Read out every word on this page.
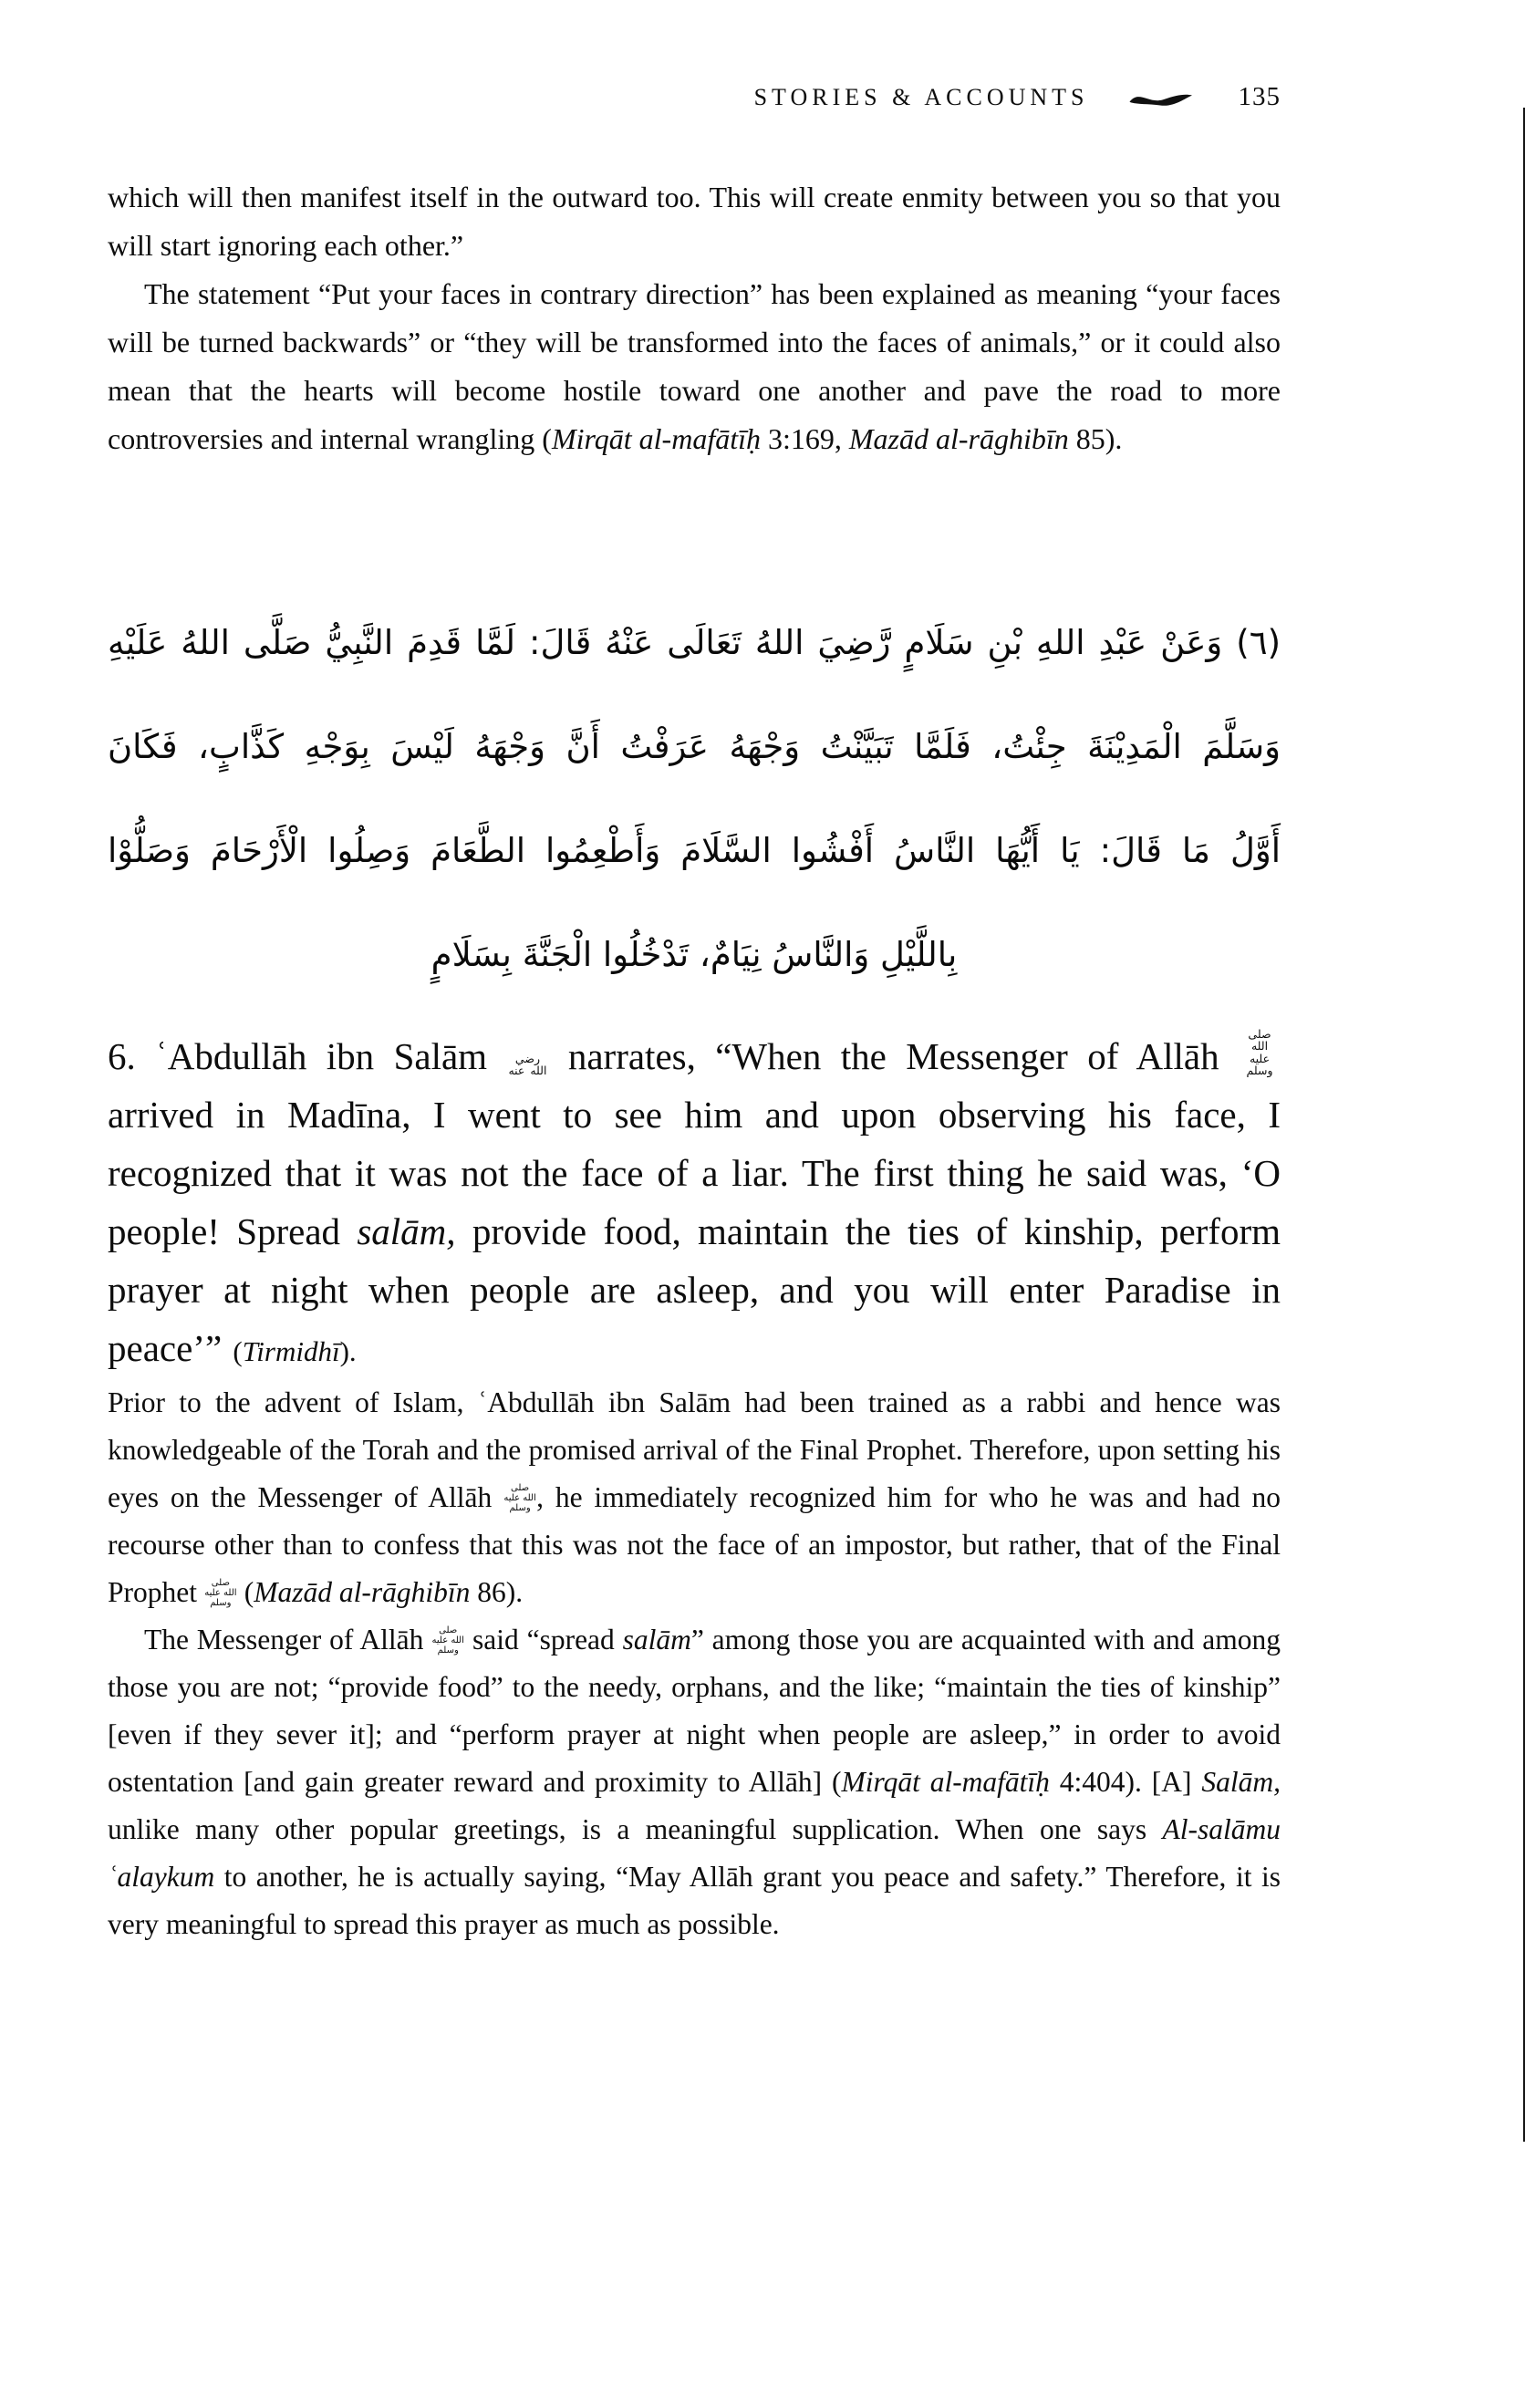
STORIES & ACCOUNTS	135

which will then manifest itself in the outward too. This will create enmity between you so that you will start ignoring each other.”

The statement “Put your faces in contrary direction” has been explained as meaning “your faces will be turned backwards” or “they will be transformed into the faces of animals,” or it could also mean that the hearts will become hostile toward one another and pave the road to more controversies and internal wrangling (Mirqāt al-mafātīḥ 3:169, Mazād al-rāghibīn 85).

(٦) وَعَنْ عَبْدِ اللهِ بْنِ سَلَامٍ رَّضِيَ اللهُ تَعَالَى عَنْهُ قَالَ: لَمَّا قَدِمَ النَّبِيُّ صَلَّى اللهُ عَلَيْهِ
وَسَلَّمَ الْمَدِيْنَةَ جِئْتُ، فَلَمَّا تَبَيَّنْتُ وَجْهَهُ عَرَفْتُ أَنَّ وَجْهَهُ لَيْسَ بِوَجْهِ كَذَّابٍ، فَكَانَ
أَوَّلُ مَا قَالَ: يَا أَيُّهَا النَّاسُ أَفْشُوا السَّلَامَ وَأَطْعِمُوا الطَّعَامَ وَصِلُوا الْأَرْحَامَ وَصَلُّوْا
بِاللَّيْلِ وَالنَّاسُ نِيَامٌ، تَدْخُلُوا الْجَنَّةَ بِسَلَامٍ

6. ʿAbdullāh ibn Salām رضي الله عنه narrates, “When the Messenger of Allāh صلى الله عليه وسلم arrived in Madīna, I went to see him and upon observing his face, I recognized that it was not the face of a liar. The first thing he said was, ‘O people! Spread salām, provide food, maintain the ties of kinship, perform prayer at night when people are asleep, and you will enter Paradise in peace’” (Tirmidhī).

Prior to the advent of Islam, ʿAbdullāh ibn Salām had been trained as a rabbi and hence was knowledgeable of the Torah and the promised arrival of the Final Prophet. Therefore, upon setting his eyes on the Messenger of Allāh صلى الله عليه وسلم , he immediately recognized him for who he was and had no recourse other than to confess that this was not the face of an impostor, but rather, that of the Final Prophet صلى الله عليه وسلم (Mazād al-rāghibīn 86).

The Messenger of Allāh صلى الله عليه وسلم said “spread salām” among those you are acquainted with and among those you are not; “provide food” to the needy, orphans, and the like; “maintain the ties of kinship” [even if they sever it]; and “perform prayer at night when people are asleep,” in order to avoid ostentation [and gain greater reward and proximity to Allāh] (Mirqāt al-mafātīḥ 4:404). [A] Salām, unlike many other popular greetings, is a meaningful supplication. When one says Al-salāmu ʿalaykum to another, he is actually saying, “May Allāh grant you peace and safety.” Therefore, it is very meaningful to spread this prayer as much as possible.
